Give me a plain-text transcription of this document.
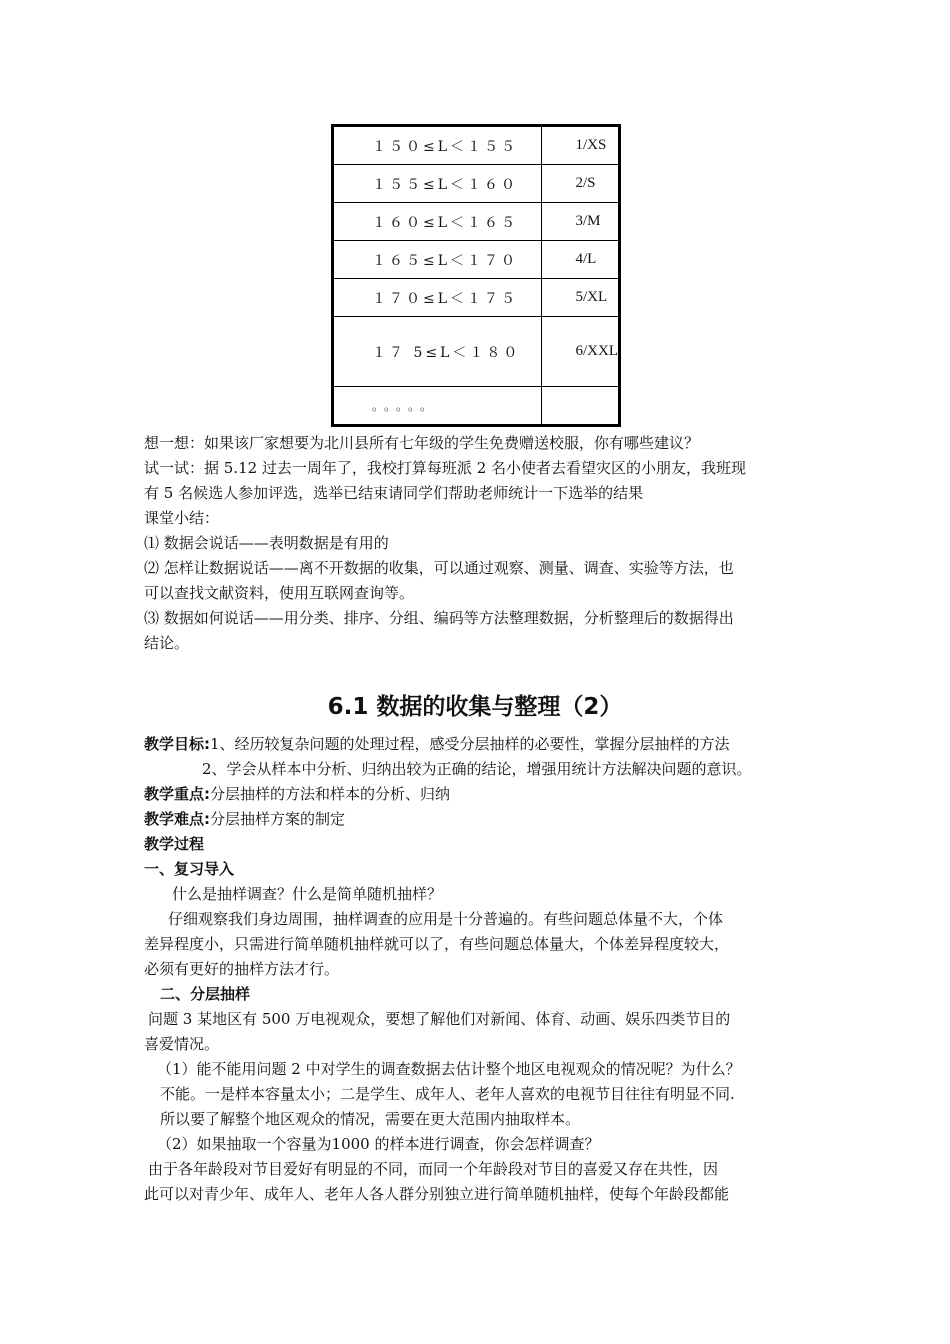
１５０≤L＜１５５	1/XS
１５５≤L＜１６０	2/S
１６０≤L＜１６５	3/M
１６５≤L＜１７０	4/L
１７０≤L＜１７５	5/XL
１７ 5≤L＜１８０	6/XXL
。。。。。	
想一想：如果该厂家想要为北川县所有七年级的学生免费赠送校服，你有哪些建议？
试一试：据 5.12 过去一周年了，我校打算每班派 2 名小使者去看望灾区的小朋友，我班现
有 5 名候选人参加评选，选举已结束请同学们帮助老师统计一下选举的结果
课堂小结：
⑴ 数据会说话——表明数据是有用的
⑵ 怎样让数据说话——离不开数据的收集，可以通过观察、测量、调查、实验等方法，也
可以查找文献资料，使用互联网查询等。
⑶ 数据如何说话——用分类、排序、分组、编码等方法整理数据，分析整理后的数据得出
结论。
6.1 数据的收集与整理（2）
教学目标:1、经历较复杂问题的处理过程，感受分层抽样的必要性，掌握分层抽样的方法
2、学会从样本中分析、归纳出较为正确的结论，增强用统计方法解决问题的意识。
教学重点:分层抽样的方法和样本的分析、归纳
教学难点:分层抽样方案的制定
教学过程
一、复习导入
什么是抽样调查？什么是简单随机抽样？
仔细观察我们身边周围，抽样调查的应用是十分普遍的。有些问题总体量不大，个体
差异程度小，只需进行简单随机抽样就可以了，有些问题总体量大，个体差异程度较大，
必须有更好的抽样方法才行。
二、分层抽样
问题 3 某地区有 500 万电视观众，要想了解他们对新闻、体育、动画、娱乐四类节目的
喜爱情况。
（1）能不能用问题 2 中对学生的调查数据去估计整个地区电视观众的情况呢？为什么？
不能。一是样本容量太小；二是学生、成年人、老年人喜欢的电视节目往往有明显不同.
所以要了解整个地区观众的情况，需要在更大范围内抽取样本。
（2）如果抽取一个容量为1000 的样本进行调查，你会怎样调查？
由于各年龄段对节目爱好有明显的不同，而同一个年龄段对节目的喜爱又存在共性，因
此可以对青少年、成年人、老年人各人群分别独立进行简单随机抽样，使每个年龄段都能
